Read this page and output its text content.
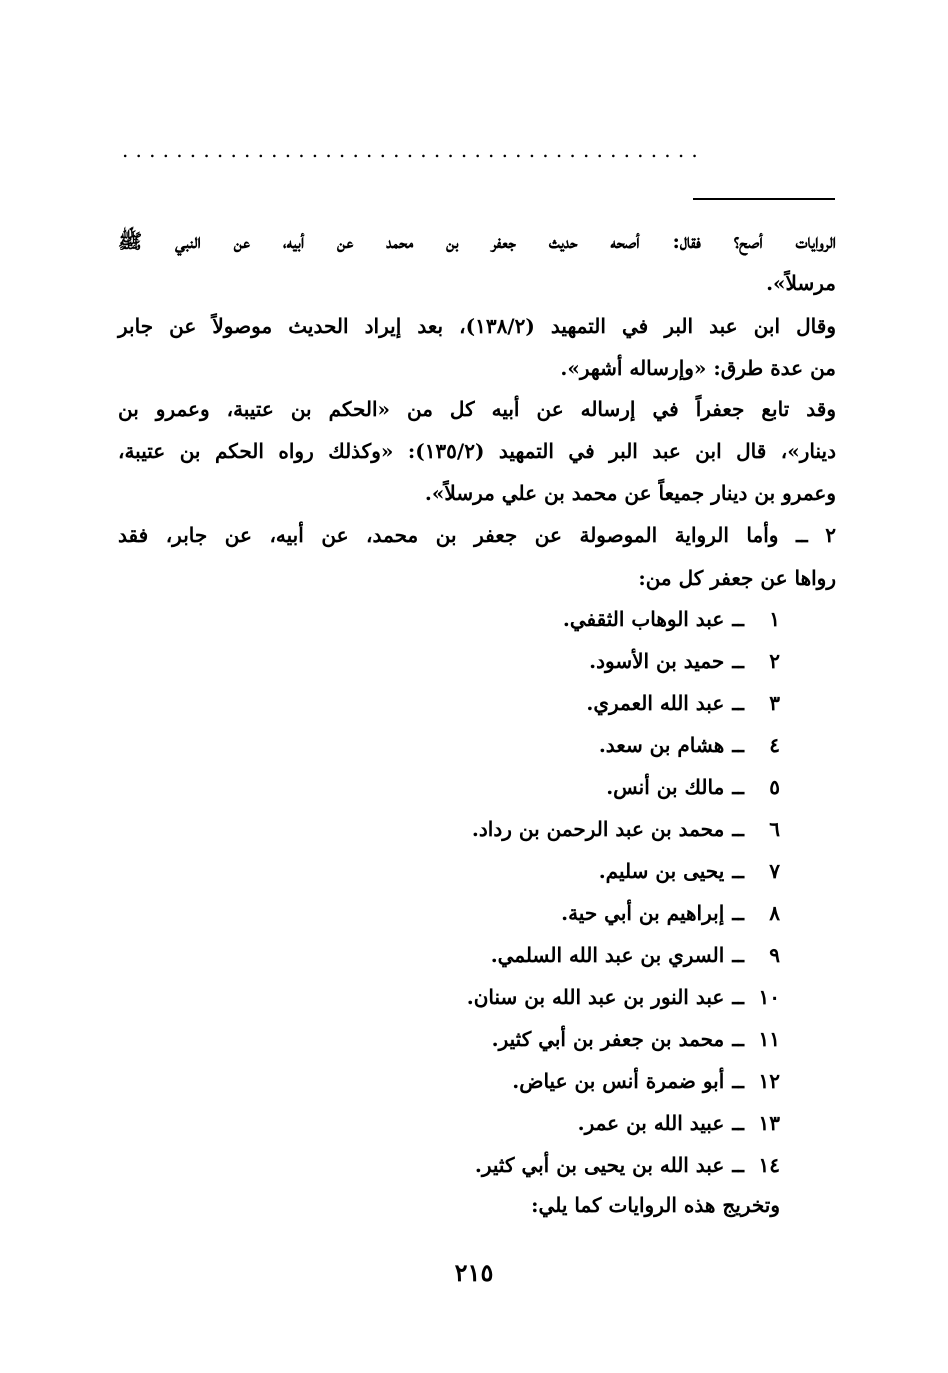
...........................................
الروايات أصح؟ فقال: أصحه حديث جعفر بن محمد عن أبيه، عن النبي ﷺ
مرسلاً».
وقال ابن عبد البر في التمهيد (١٣٨/٢)، بعد إيراد الحديث موصولاً عن جابر
من عدة طرق: «وإرساله أشهر».
وقد تابع جعفراً في إرساله عن أبيه كل من «الحكم بن عتيبة، وعمرو بن
دينار»، قال ابن عبد البر في التمهيد (١٣٥/٢): «وكذلك رواه الحكم بن عتيبة،
وعمرو بن دينار جميعاً عن محمد بن علي مرسلاً».
٢ ــ وأما الرواية الموصولة عن جعفر بن محمد، عن أبيه، عن جابر، فقد
رواها عن جعفر كل من:
١ــعبد الوهاب الثقفي.
٢ــحميد بن الأسود.
٣ــعبد الله العمري.
٤ــهشام بن سعد.
٥ــمالك بن أنس.
٦ــمحمد بن عبد الرحمن بن رداد.
٧ــيحيى بن سليم.
٨ــإبراهيم بن أبي حية.
٩ــالسري بن عبد الله السلمي.
١٠ــعبد النور بن عبد الله بن سنان.
١١ــمحمد بن جعفر بن أبي كثير.
١٢ــأبو ضمرة أنس بن عياض.
١٣ــعبيد الله بن عمر.
١٤ــعبد الله بن يحيى بن أبي كثير.
وتخريج هذه الروايات كما يلي:
٢١٥
